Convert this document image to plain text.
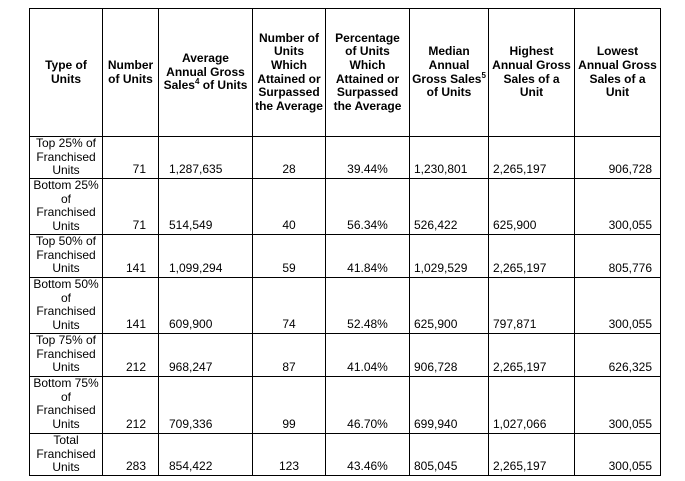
Type of Units	Number of Units	Average Annual Gross Sales$^4$ of Units	Number of Units Which Attained or Surpassed the Average	Percentage of Units Which Attained or Surpassed the Average	Median Annual Gross Sales$^5$ of Units	Highest Annual Gross Sales of a Unit	Lowest Annual Gross Sales of a Unit
Top 25% of Franchised Units	71	1,287,635	28	39.44%	1,230,801	2,265,197	906,728
Bottom 25% of Franchised Units	71	514,549	40	56.34%	526,422	625,900	300,055
Top 50% of Franchised Units	141	1,099,294	59	41.84%	1,029,529	2,265,197	805,776
Bottom 50% of Franchised Units	141	609,900	74	52.48%	625,900	797,871	300,055
Top 75% of Franchised Units	212	968,247	87	41.04%	906,728	2,265,197	626,325
Bottom 75% of Franchised Units	212	709,336	99	46.70%	699,940	1,027,066	300,055
Total Franchised Units	283	854,422	123	43.46%	805,045	2,265,197	300,055
